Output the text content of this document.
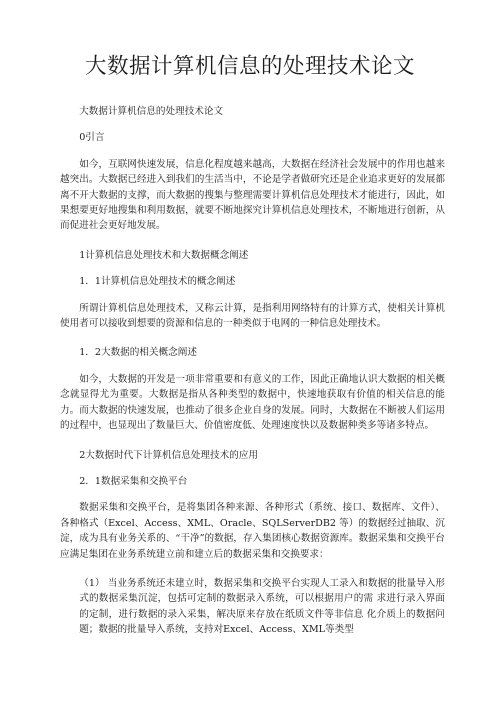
大数据计算机信息的处理技术论文

大数据计算机信息的处理技术论文

0引言

如今，互联网快速发展，信息化程度越来越高，大数据在经济社会发展中的作用也越来越突出。大数据已经进入到我们的生活当中，不论是学者做研究还是企业追求更好的发展都离不开大数据的支撑，而大数据的搜集与整理需要计算机信息处理技术才能进行，因此，如果想要更好地搜集和利用数据，就要不断地探究计算机信息处理技术，不断地进行创新，从而促进社会更好地发展。

1计算机信息处理技术和大数据概念阐述

1．1计算机信息处理技术的概念阐述

所谓计算机信息处理技术，又称云计算，是指利用网络特有的计算方式，使相关计算机使用者可以接收到想要的资源和信息的一种类似于电网的一种信息处理技术。

1．2大数据的相关概念阐述

如今，大数据的开发是一项非常重要和有意义的工作，因此正确地认识大数据的相关概念就显得尤为重要。大数据是指从各种类型的数据中，快速地获取有价值的相关信息的能力。而大数据的快速发展，也推动了很多企业自身的发展。同时，大数据在不断被人们运用的过程中，也显现出了数量巨大、价值密度低、处理速度快以及数据种类多等诸多特点。

2大数据时代下计算机信息处理技术的应用

2．1数据采集和交换平台

数据采集和交换平台，是将集团各种来源、各种形式（系统、接口、数据库、文件）、各种格式（Excel、Access、XML、Oracle、SQLServerDB2 等）的数据经过抽取、沉淀，成为具有业务关系的、“干净”的数据，存入集团核心数据资源库。数据采集和交换平台应满足集团在业务系统建立前和建立后的数据采集和交换要求：

（1） 当业务系统还未建立时，数据采集和交换平台实现人工录入和数据的批量导入形式的数据采集沉淀，包括可定制的数据录入系统，可以根据用户的需 求进行录入界面的定制，进行数据的录入采集，解决原来存放在纸质文件等非信息 化介质上的数据问题；数据的批量导入系统，支持对Excel、Access、XML等类型
